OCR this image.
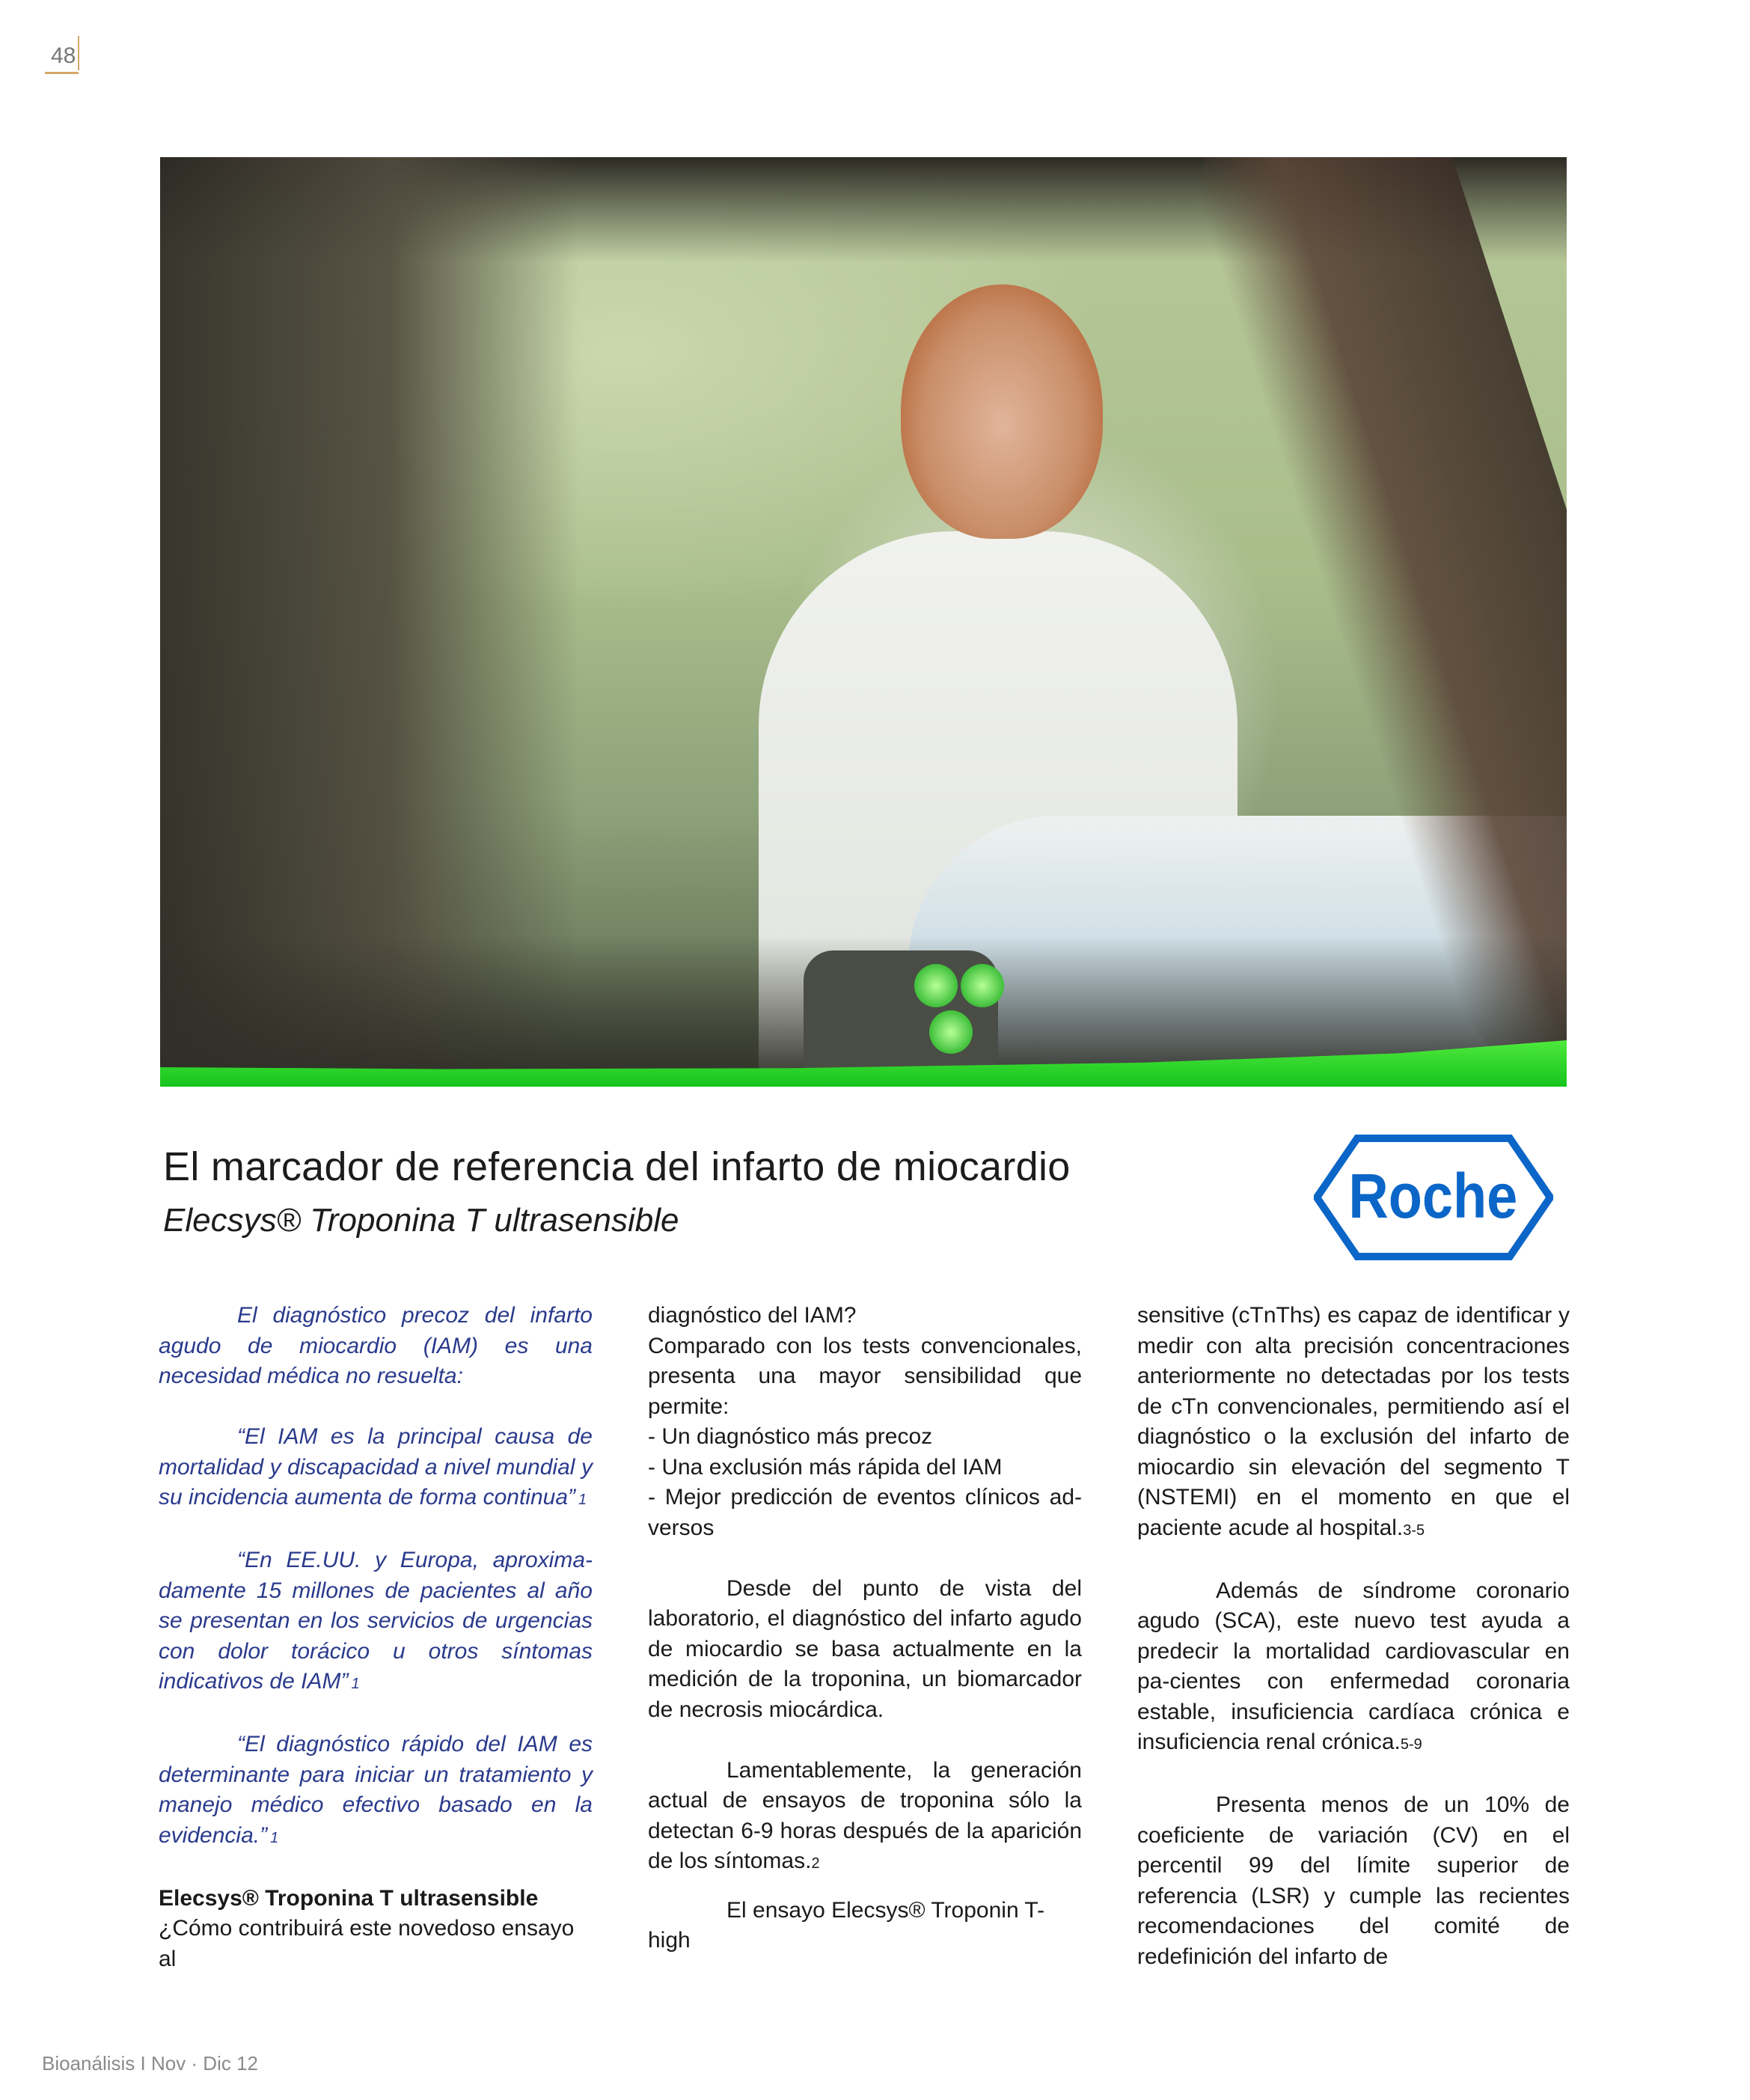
48
El marcador de referencia del infarto de miocardio
Elecsys® Troponina T ultrasensible	Roche

El diagnóstico precoz del infarto agudo de miocardio (IAM) es una necesidad médica no resuelta:

“El IAM es la principal causa de mortalidad y discapacidad a nivel mundial y su incidencia aumenta de forma continua” 1

“En EE.UU. y Europa, aproxima-damente 15 millones de pacientes al año se presentan en los servicios de urgencias con dolor torácico u otros síntomas indicativos de IAM” 1

“El diagnóstico rápido del IAM es determinante para iniciar un tratamiento y manejo médico efectivo basado en la evidencia.” 1

Elecsys® Troponina T ultrasensible

¿Cómo contribuirá este novedoso ensayo al

diagnóstico del IAM?

Comparado con los tests convencionales, presenta una mayor sensibilidad que permite:

- Un diagnóstico más precoz

- Una exclusión más rápida del IAM

- Mejor predicción de eventos clínicos ad-versos

Desde del punto de vista del laboratorio, el diagnóstico del infarto agudo de miocardio se basa actualmente en la medición de la troponina, un biomarcador de necrosis miocárdica.

Lamentablemente, la generación actual de ensayos de troponina sólo la detectan 6-9 horas después de la aparición de los síntomas.2

El ensayo Elecsys® Troponin T-high

sensitive (cTnThs) es capaz de identificar y medir con alta precisión concentraciones anteriormente no detectadas por los tests de cTn convencionales, permitiendo así el diagnóstico o la exclusión del infarto de miocardio sin elevación del segmento T (NSTEMI) en el momento en que el paciente acude al hospital.3-5

Además de síndrome coronario agudo (SCA), este nuevo test ayuda a predecir la mortalidad cardiovascular en pa-cientes con enfermedad coronaria estable, insuficiencia cardíaca crónica e insuficiencia renal crónica.5-9

Presenta menos de un 10% de coeficiente de variación (CV) en el percentil 99 del límite superior de referencia (LSR) y cumple las recientes recomendaciones del comité de redefinición del infarto de

Bioanálisis I Nov · Dic 12
